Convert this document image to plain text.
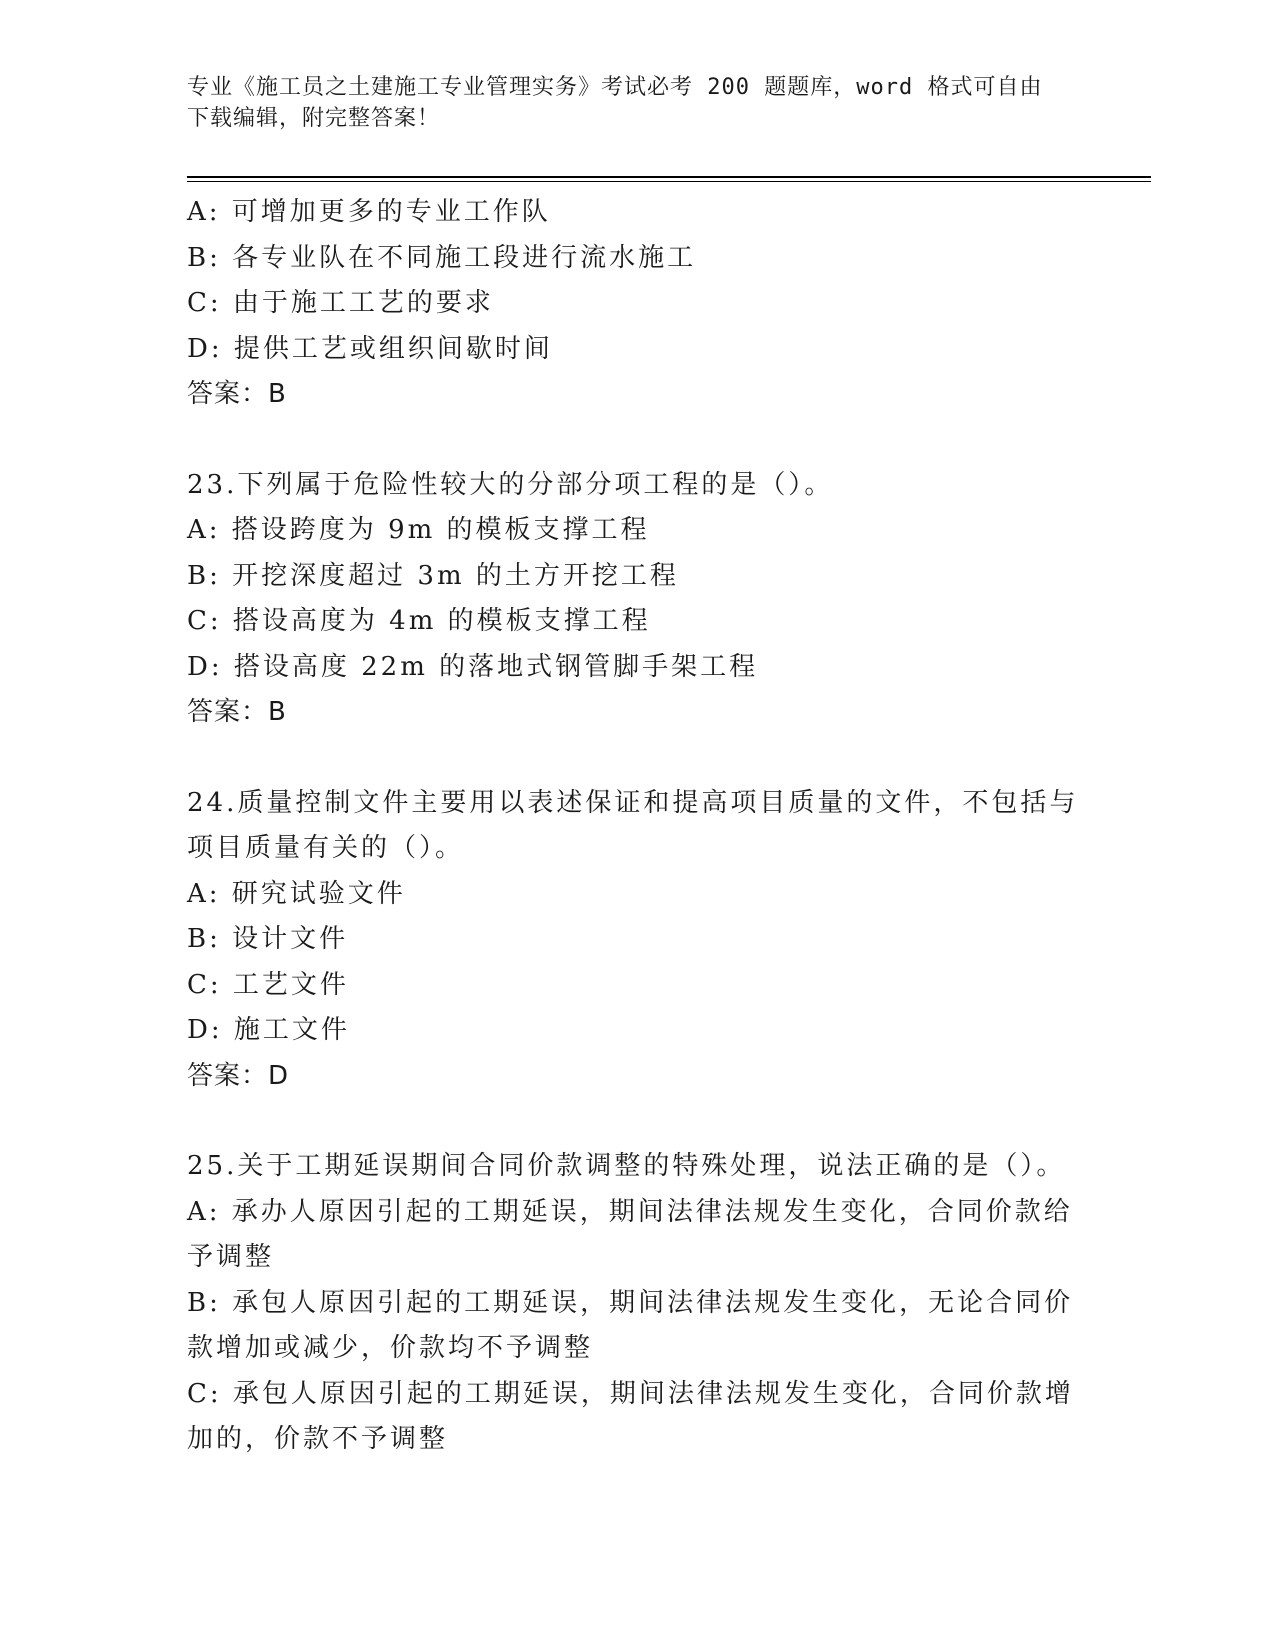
专业《施工员之土建施工专业管理实务》考试必考 200 题题库，word 格式可自由
下载编辑，附完整答案！
A: 可增加更多的专业工作队
B: 各专业队在不同施工段进行流水施工
C: 由于施工工艺的要求
D: 提供工艺或组织间歇时间
答案：B
23.下列属于危险性较大的分部分项工程的是（）。
A: 搭设跨度为 9m 的模板支撑工程
B: 开挖深度超过 3m 的土方开挖工程
C: 搭设高度为 4m 的模板支撑工程
D: 搭设高度 22m 的落地式钢管脚手架工程
答案：B
24.质量控制文件主要用以表述保证和提高项目质量的文件，不包括与
项目质量有关的（）。
A: 研究试验文件
B: 设计文件
C: 工艺文件
D: 施工文件
答案：D
25.关于工期延误期间合同价款调整的特殊处理，说法正确的是（）。
A: 承办人原因引起的工期延误，期间法律法规发生变化，合同价款给
予调整
B: 承包人原因引起的工期延误，期间法律法规发生变化，无论合同价
款增加或减少，价款均不予调整
C: 承包人原因引起的工期延误，期间法律法规发生变化，合同价款增
加的，价款不予调整
